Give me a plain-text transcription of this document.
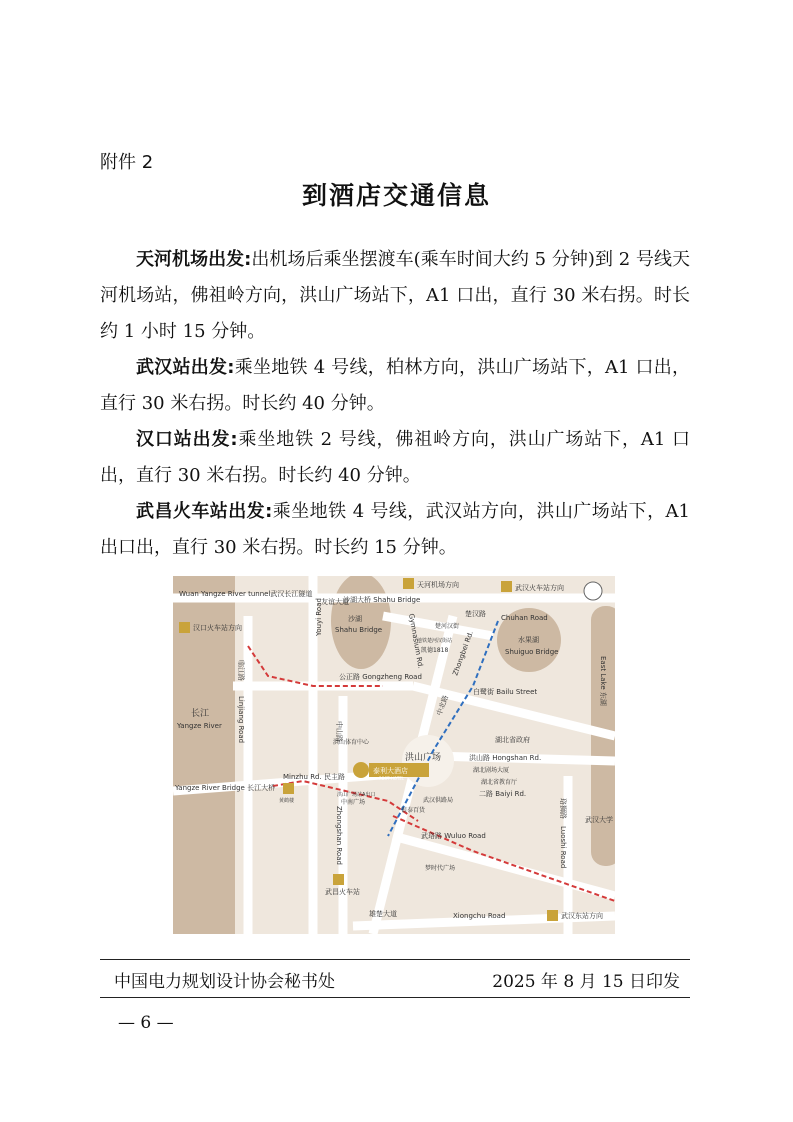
附件 2
到酒店交通信息

天河机场出发:出机场后乘坐摆渡车(乘车时间大约 5 分钟)到 2 号线天河机场站，佛祖岭方向，洪山广场站下，A1 口出，直行 30 米右拐。时长约 1 小时 15 分钟。

武汉站出发:乘坐地铁 4 号线，柏林方向，洪山广场站下，A1 口出，直行 30 米右拐。时长约 40 分钟。

汉口站出发:乘坐地铁 2 号线，佛祖岭方向，洪山广场站下，A1 口出，直行 30 米右拐。时长约 40 分钟。

武昌火车站出发:乘坐地铁 4 号线，武汉站方向，洪山广场站下，A1 出口出，直行 30 米右拐。时长约 15 分钟。

Wuan Yangze River tunnel武汉长江隧道
天河机场方向	武汉火车站方向
汉口火车站方向
武昌火车站
武汉东站方向
沙湖大桥 Shahu Bridge
沙湖
Shahu Bridge
Chuhan Road
楚汉路
水果湖
Shuiguo Bridge
East Lake 东湖
长江
Yangze River Linjiang Road
临江路
Youyi Road
友谊大道
公正路 Gongzheng Road
白鹭街 Bailu Street
Zhongshan Road
中山路
Gymnasium Rd.	Zhongbei Rd.
中北路
洪山广场	洪山路 Hongshan Rd.
Minzhu Rd. 民主路
Yangze River Bridge 长江大桥
泰利大酒店
POST HOTEL
二路 Baiyi Rd.
武珞路 Wuluo Road	Luoshi Road
珞狮路
Xiongchu Road
雄楚大道
湖北省政府
湖北省教育厅
湖北剧场大厦
武汉大学
梦时代广场
银泰百货
中南广场
洪山体育中心
楚河汉街
凯德1818
地铁楚河汉街站
洪山广场站A出口
黄鹤楼	武汉供路局
中国电力规划设计协会秘书处	2025 年 8 月 15 日印发
— 6 —
